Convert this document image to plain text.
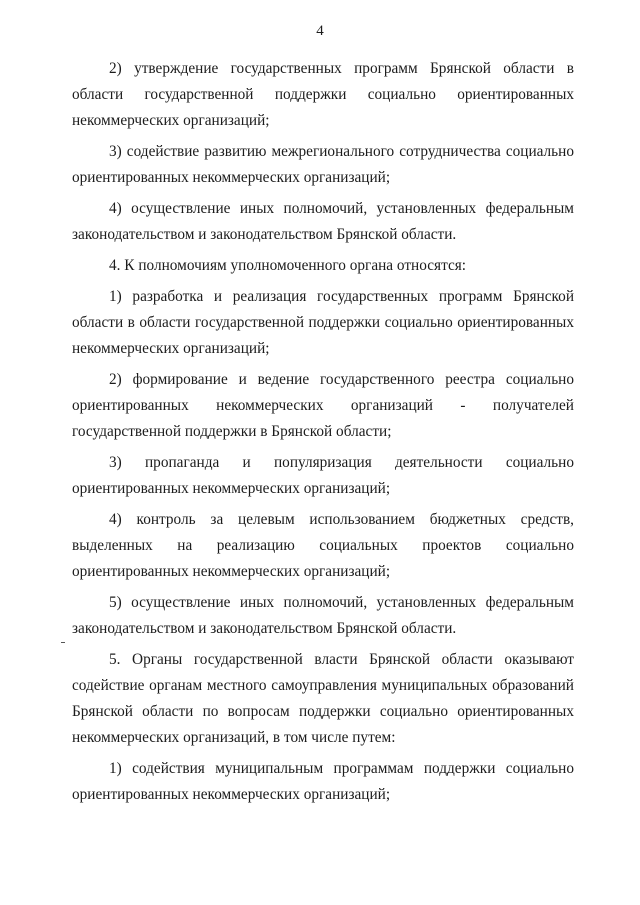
4

2) утверждение государственных программ Брянской области в области государственной поддержки социально ориентированных некоммерческих организаций;

3) содействие развитию межрегионального сотрудничества социально ориентированных некоммерческих организаций;

4) осуществление иных полномочий, установленных федеральным законодательством и законодательством Брянской области.

4. К полномочиям уполномоченного органа относятся:

1) разработка и реализация государственных программ Брянской области в области государственной поддержки социально ориентированных некоммерческих организаций;

2) формирование и ведение государственного реестра социально ориентированных некоммерческих организаций - получателей государственной поддержки в Брянской области;

3) пропаганда и популяризация деятельности социально ориентированных некоммерческих организаций;

4) контроль за целевым использованием бюджетных средств, выделенных на реализацию социальных проектов социально ориентированных некоммерческих организаций;

5) осуществление иных полномочий, установленных федеральным законодательством и законодательством Брянской области.

5. Органы государственной власти Брянской области оказывают содействие органам местного самоуправления муниципальных образований Брянской области по вопросам поддержки социально ориентированных некоммерческих организаций, в том числе путем:

1) содействия муниципальным программам поддержки социально ориентированных некоммерческих организаций;
